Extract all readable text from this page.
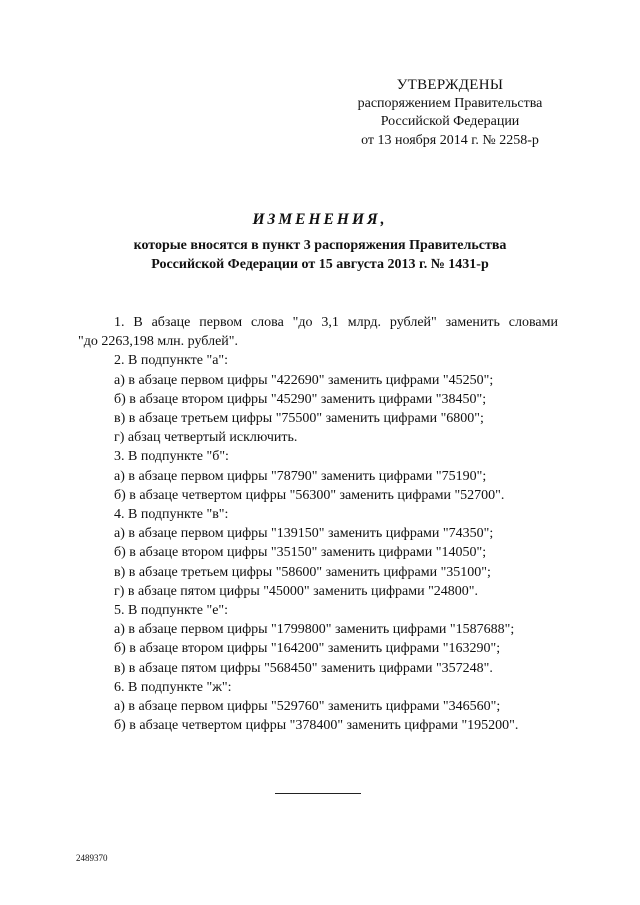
УТВЕРЖДЕНЫ
распоряжением Правительства
Российской Федерации
от 13 ноября 2014 г. № 2258-р
ИЗМЕНЕНИЯ,
которые вносятся в пункт 3 распоряжения Правительства
Российской Федерации от 15 августа 2013 г. № 1431-р
1. В абзаце первом слова "до 3,1 млрд. рублей" заменить словами
"до 2263,198 млн. рублей".
2. В подпункте "а":
а) в абзаце первом цифры "422690" заменить цифрами "45250";
б) в абзаце втором цифры "45290" заменить цифрами "38450";
в) в абзаце третьем цифры "75500" заменить цифрами "6800";
г) абзац четвертый исключить.
3. В подпункте "б":
а) в абзаце первом цифры "78790" заменить цифрами "75190";
б) в абзаце четвертом цифры "56300" заменить цифрами "52700".
4. В подпункте "в":
а) в абзаце первом цифры "139150" заменить цифрами "74350";
б) в абзаце втором цифры "35150" заменить цифрами "14050";
в) в абзаце третьем цифры "58600" заменить цифрами "35100";
г) в абзаце пятом цифры "45000" заменить цифрами "24800".
5. В подпункте "е":
а) в абзаце первом цифры "1799800" заменить цифрами "1587688";
б) в абзаце втором цифры "164200" заменить цифрами "163290";
в) в абзаце пятом цифры "568450" заменить цифрами "357248".
6. В подпункте "ж":
а) в абзаце первом цифры "529760" заменить цифрами "346560";
б) в абзаце четвертом цифры "378400" заменить цифрами "195200".
2489370
